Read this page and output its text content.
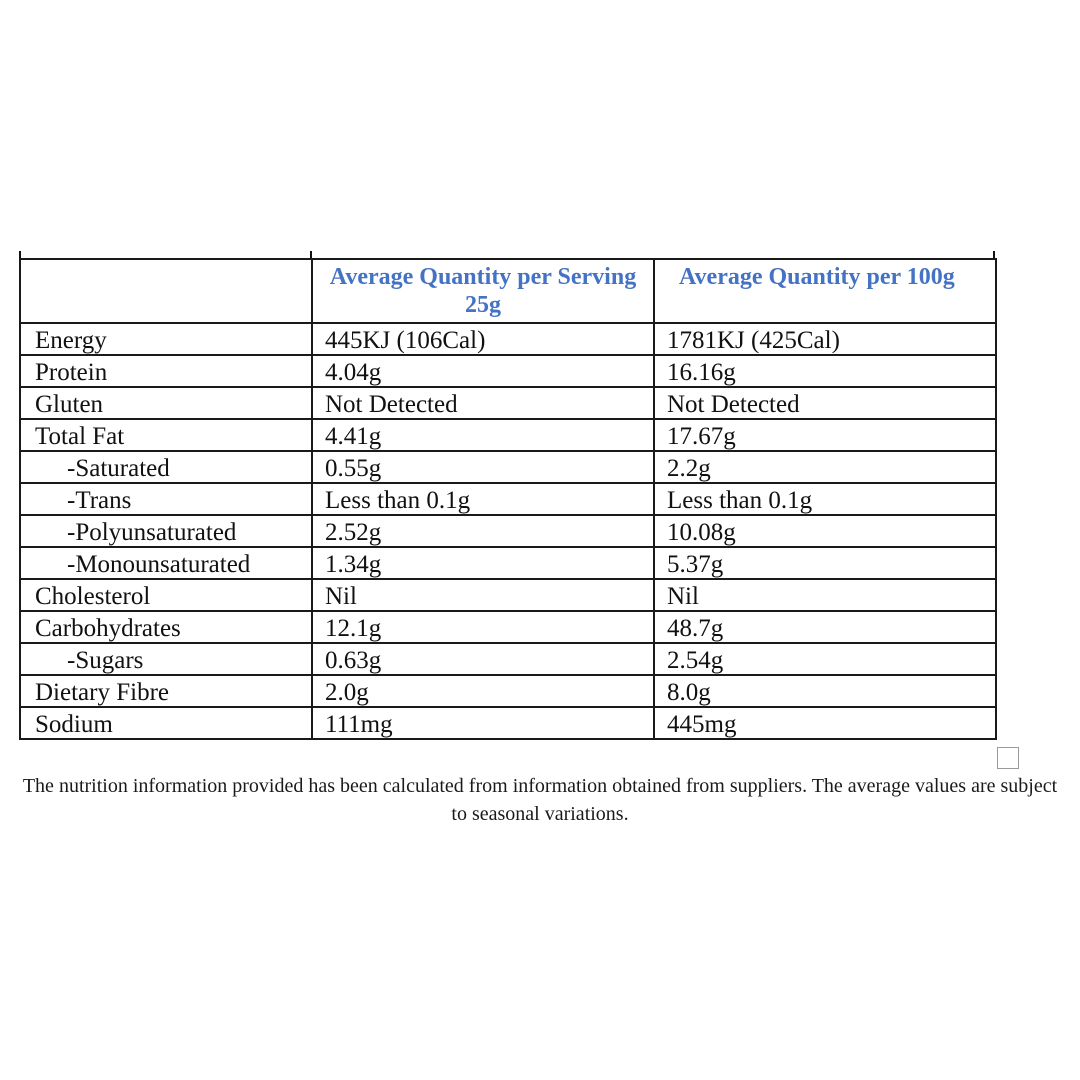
	Average Quantity per Serving 25g	Average Quantity per 100g
Energy	445KJ (106Cal)	1781KJ (425Cal)
Protein	4.04g	16.16g
Gluten	Not Detected	Not Detected
Total Fat	4.41g	17.67g
-Saturated	0.55g	2.2g
-Trans	Less than 0.1g	Less than 0.1g
-Polyunsaturated	2.52g	10.08g
-Monounsaturated	1.34g	5.37g
Cholesterol	Nil	Nil
Carbohydrates	12.1g	48.7g
-Sugars	0.63g	2.54g
Dietary Fibre	2.0g	8.0g
Sodium	111mg	445mg
The nutrition information provided has been calculated from information obtained from suppliers. The average values are subject to seasonal variations.
